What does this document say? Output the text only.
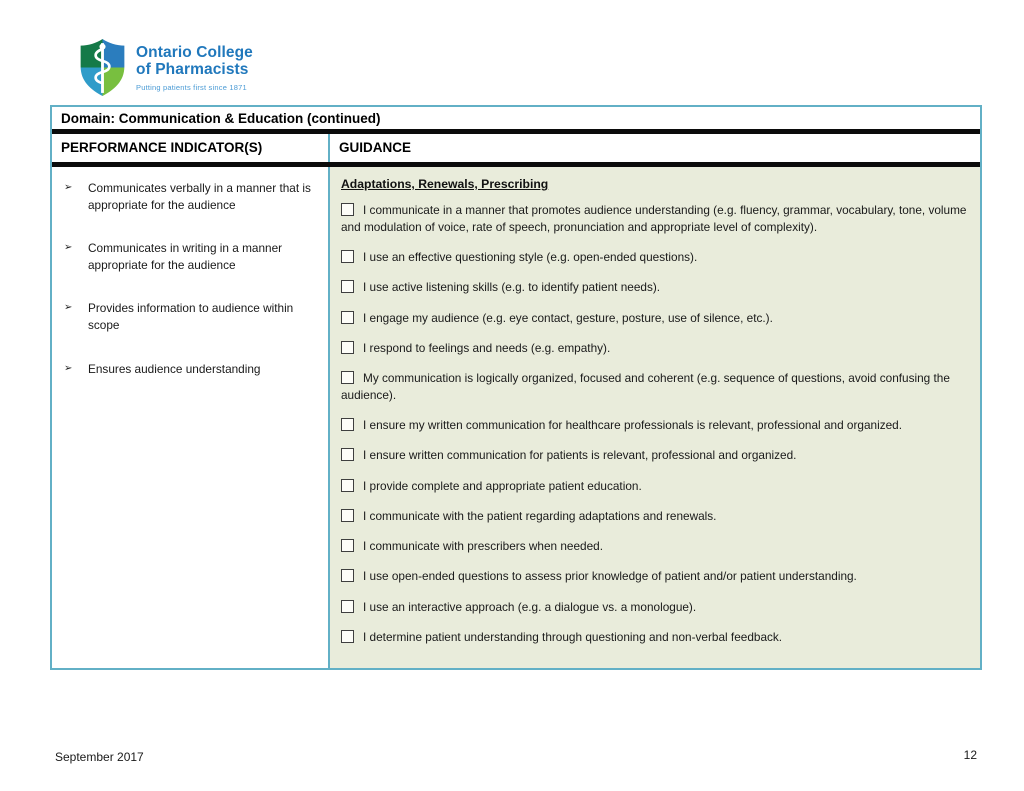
Ontario College
of Pharmacists
Putting patients first since 1871
Domain: Communication & Education (continued)
PERFORMANCE INDICATOR(S)	GUIDANCE
➢	Communicates verbally in a manner that is appropriate for the audience
➢	Communicates in writing in a manner appropriate for the audience
➢	Provides information to audience within scope
➢	Ensures audience understanding
Adaptations, Renewals, Prescribing
I communicate in a manner that promotes audience understanding (e.g. fluency, grammar, vocabulary, tone, volume and modulation of voice, rate of speech, pronunciation and appropriate level of complexity).
I use an effective questioning style (e.g. open-ended questions).
I use active listening skills (e.g. to identify patient needs).
I engage my audience (e.g. eye contact, gesture, posture, use of silence, etc.).
I respond to feelings and needs (e.g. empathy).
My communication is logically organized, focused and coherent (e.g. sequence of questions, avoid confusing the audience).
I ensure my written communication for healthcare professionals is relevant, professional and organized.
I ensure written communication for patients is relevant, professional and organized.
I provide complete and appropriate patient education.
I communicate with the patient regarding adaptations and renewals.
I communicate with prescribers when needed.
I use open-ended questions to assess prior knowledge of patient and/or patient understanding.
I use an interactive approach (e.g. a dialogue vs. a monologue).
I determine patient understanding through questioning and non-verbal feedback.
September 2017	12
